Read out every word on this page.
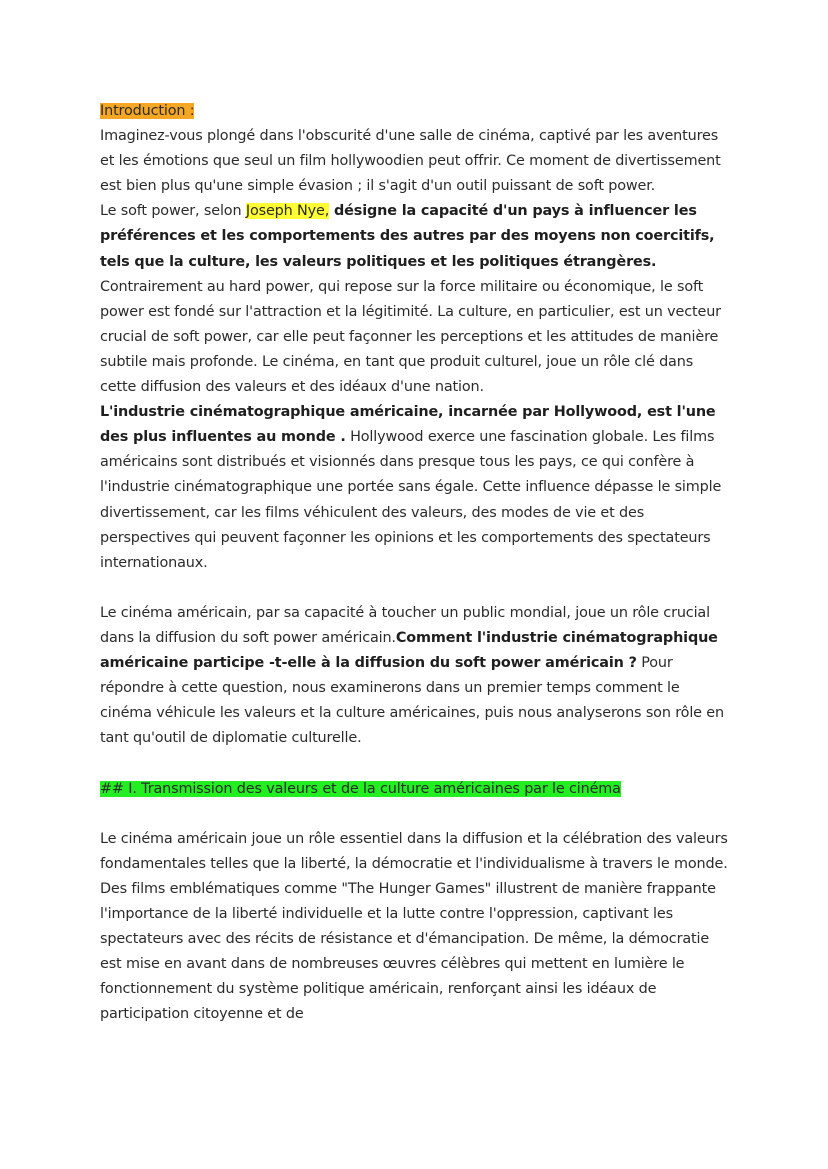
Introduction :

Imaginez-vous plongé dans l'obscurité d'une salle de cinéma, captivé par les aventures et les émotions que seul un film hollywoodien peut offrir. Ce moment de divertissement est bien plus qu'une simple évasion ; il s'agit d'un outil puissant de soft power.

Le soft power, selon Joseph Nye, désigne la capacité d'un pays à influencer les préférences et les comportements des autres par des moyens non coercitifs, tels que la culture, les valeurs politiques et les politiques étrangères. Contrairement au hard power, qui repose sur la force militaire ou économique, le soft power est fondé sur l'attraction et la légitimité. La culture, en particulier, est un vecteur crucial de soft power, car elle peut façonner les perceptions et les attitudes de manière subtile mais profonde. Le cinéma, en tant que produit culturel, joue un rôle clé dans cette diffusion des valeurs et des idéaux d'une nation.

L'industrie cinématographique américaine, incarnée par Hollywood, est l'une des plus influentes au monde . Hollywood exerce une fascination globale. Les films américains sont distribués et visionnés dans presque tous les pays, ce qui confère à l'industrie cinématographique une portée sans égale. Cette influence dépasse le simple divertissement, car les films véhiculent des valeurs, des modes de vie et des perspectives qui peuvent façonner les opinions et les comportements des spectateurs internationaux.

Le cinéma américain, par sa capacité à toucher un public mondial, joue un rôle crucial dans la diffusion du soft power américain.Comment l'industrie cinématographique américaine participe -t-elle à la diffusion du soft power américain ? Pour répondre à cette question, nous examinerons dans un premier temps comment le cinéma véhicule les valeurs et la culture américaines, puis nous analyserons son rôle en tant qu'outil de diplomatie culturelle.

## I. Transmission des valeurs et de la culture américaines par le cinéma

Le cinéma américain joue un rôle essentiel dans la diffusion et la célébration des valeurs fondamentales telles que la liberté, la démocratie et l'individualisme à travers le monde. Des films emblématiques comme "The Hunger Games" illustrent de manière frappante l'importance de la liberté individuelle et la lutte contre l'oppression, captivant les spectateurs avec des récits de résistance et d'émancipation. De même, la démocratie est mise en avant dans de nombreuses œuvres célèbres qui mettent en lumière le fonctionnement du système politique américain, renforçant ainsi les idéaux de participation citoyenne et de
